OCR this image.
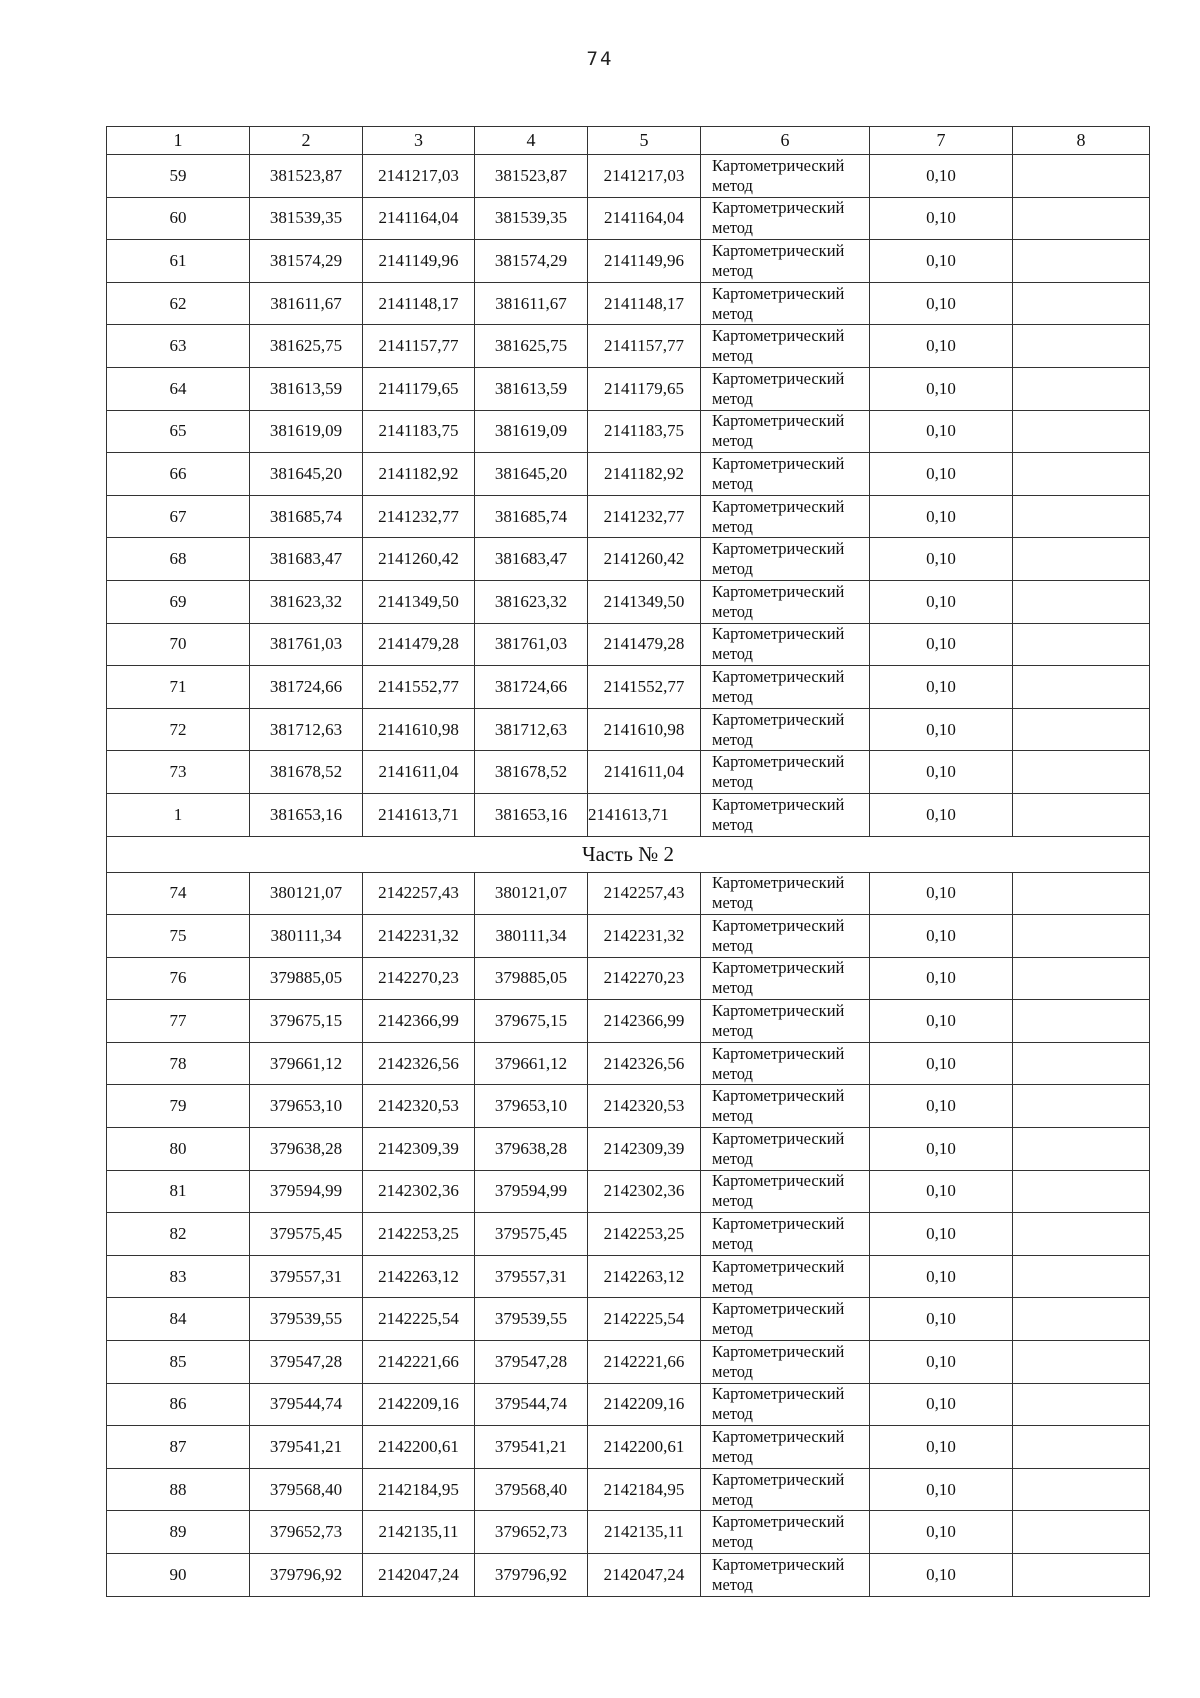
74
1	2	3	4	5	6	7	8
59	381523,87	2141217,03	381523,87	2141217,03	Картометрический
метод	0,10	
60	381539,35	2141164,04	381539,35	2141164,04	Картометрический
метод	0,10	
61	381574,29	2141149,96	381574,29	2141149,96	Картометрический
метод	0,10	
62	381611,67	2141148,17	381611,67	2141148,17	Картометрический
метод	0,10	
63	381625,75	2141157,77	381625,75	2141157,77	Картометрический
метод	0,10	
64	381613,59	2141179,65	381613,59	2141179,65	Картометрический
метод	0,10	
65	381619,09	2141183,75	381619,09	2141183,75	Картометрический
метод	0,10	
66	381645,20	2141182,92	381645,20	2141182,92	Картометрический
метод	0,10	
67	381685,74	2141232,77	381685,74	2141232,77	Картометрический
метод	0,10	
68	381683,47	2141260,42	381683,47	2141260,42	Картометрический
метод	0,10	
69	381623,32	2141349,50	381623,32	2141349,50	Картометрический
метод	0,10	
70	381761,03	2141479,28	381761,03	2141479,28	Картометрический
метод	0,10	
71	381724,66	2141552,77	381724,66	2141552,77	Картометрический
метод	0,10	
72	381712,63	2141610,98	381712,63	2141610,98	Картометрический
метод	0,10	
73	381678,52	2141611,04	381678,52	2141611,04	Картометрический
метод	0,10	
1	381653,16	2141613,71	381653,16	2141613,71	Картометрический
метод	0,10	
Часть № 2							
74	380121,07	2142257,43	380121,07	2142257,43	Картометрический
метод	0,10	
75	380111,34	2142231,32	380111,34	2142231,32	Картометрический
метод	0,10	
76	379885,05	2142270,23	379885,05	2142270,23	Картометрический
метод	0,10	
77	379675,15	2142366,99	379675,15	2142366,99	Картометрический
метод	0,10	
78	379661,12	2142326,56	379661,12	2142326,56	Картометрический
метод	0,10	
79	379653,10	2142320,53	379653,10	2142320,53	Картометрический
метод	0,10	
80	379638,28	2142309,39	379638,28	2142309,39	Картометрический
метод	0,10	
81	379594,99	2142302,36	379594,99	2142302,36	Картометрический
метод	0,10	
82	379575,45	2142253,25	379575,45	2142253,25	Картометрический
метод	0,10	
83	379557,31	2142263,12	379557,31	2142263,12	Картометрический
метод	0,10	
84	379539,55	2142225,54	379539,55	2142225,54	Картометрический
метод	0,10	
85	379547,28	2142221,66	379547,28	2142221,66	Картометрический
метод	0,10	
86	379544,74	2142209,16	379544,74	2142209,16	Картометрический
метод	0,10	
87	379541,21	2142200,61	379541,21	2142200,61	Картометрический
метод	0,10	
88	379568,40	2142184,95	379568,40	2142184,95	Картометрический
метод	0,10	
89	379652,73	2142135,11	379652,73	2142135,11	Картометрический
метод	0,10	
90	379796,92	2142047,24	379796,92	2142047,24	Картометрический
метод	0,10	
